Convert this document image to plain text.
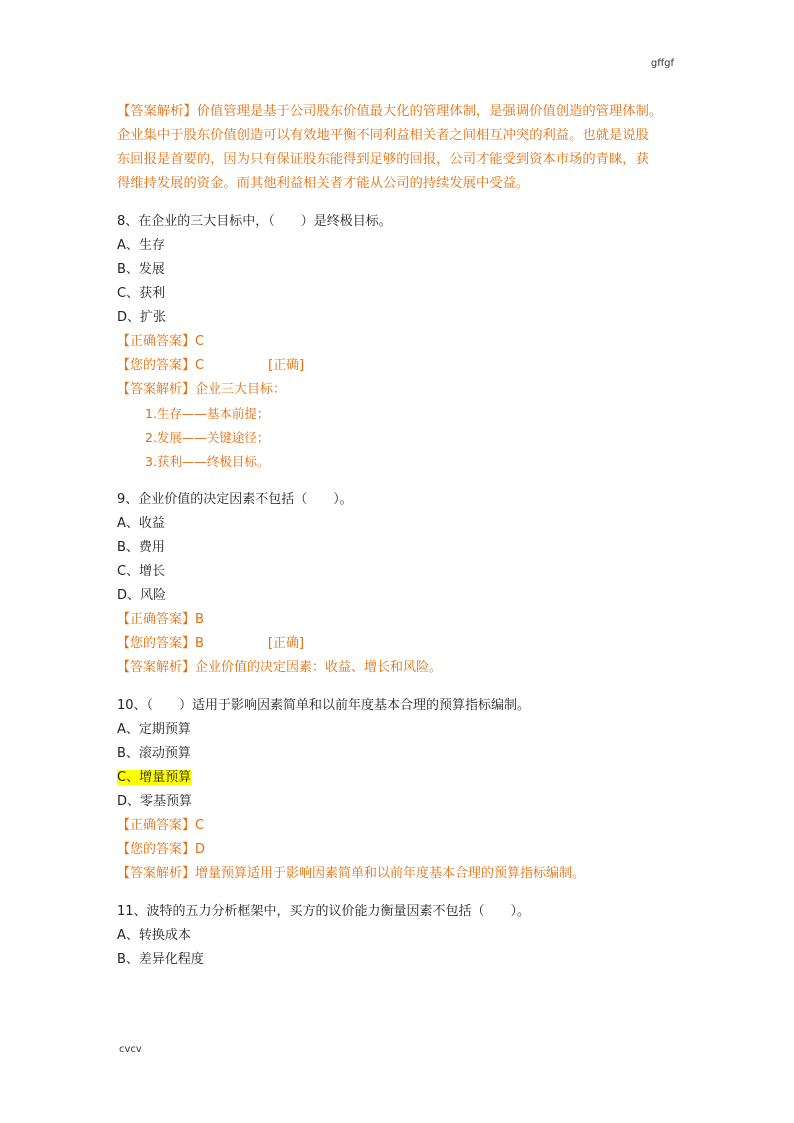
gffgf
【答案解析】价值管理是基于公司股东价值最大化的管理体制，是强调价值创造的管理体制。
企业集中于股东价值创造可以有效地平衡不同利益相关者之间相互冲突的利益。也就是说股
东回报是首要的，因为只有保证股东能得到足够的回报，公司才能受到资本市场的青睐，获
得维持发展的资金。而其他利益相关者才能从公司的持续发展中受益。
8、在企业的三大目标中，（　　）是终极目标。
A、生存
B、发展
C、获利
D、扩张
【正确答案】C
【您的答案】C	[正确]
【答案解析】企业三大目标：
1.生存——基本前提；
2.发展——关键途径；
3.获利——终极目标。
9、企业价值的决定因素不包括（　　）。
A、收益
B、费用
C、增长
D、风险
【正确答案】B
【您的答案】B	[正确]
【答案解析】企业价值的决定因素：收益、增长和风险。
10、（　　）适用于影响因素简单和以前年度基本合理的预算指标编制。
A、定期预算
B、滚动预算
C、增量预算
D、零基预算
【正确答案】C
【您的答案】D
【答案解析】增量预算适用于影响因素简单和以前年度基本合理的预算指标编制。
11、波特的五力分析框架中，买方的议价能力衡量因素不包括（　　）。
A、转换成本
B、差异化程度
cvcv
